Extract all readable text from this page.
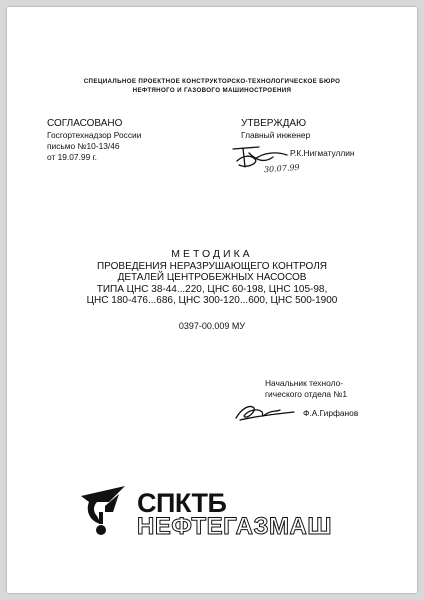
СПЕЦИАЛЬНОЕ ПРОЕКТНОЕ КОНСТРУКТОРСКО-ТЕХНОЛОГИЧЕСКОЕ БЮРО
НЕФТЯНОГО И ГАЗОВОГО МАШИНОСТРОЕНИЯ
СОГЛАСОВАНО
Госгортехнадзор России
письмо №10-13/46
от 19.07.99 г.
УТВЕРЖДАЮ
Главный инженер
Р.К.Нигматуллин
30.07.99
МЕТОДИКА
ПРОВЕДЕНИЯ НЕРАЗРУШАЮЩЕГО КОНТРОЛЯ
ДЕТАЛЕЙ ЦЕНТРОБЕЖНЫХ НАСОСОВ
ТИПА ЦНС 38-44...220, ЦНС 60-198, ЦНС 105-98,
ЦНС 180-476...686, ЦНС 300-120...600, ЦНС 500-1900
0397-00.009 МУ
Начальник техноло-
гического отдела №1
Ф.А.Гирфанов
СПКТБ
НЕФТЕГАЗМАШ
